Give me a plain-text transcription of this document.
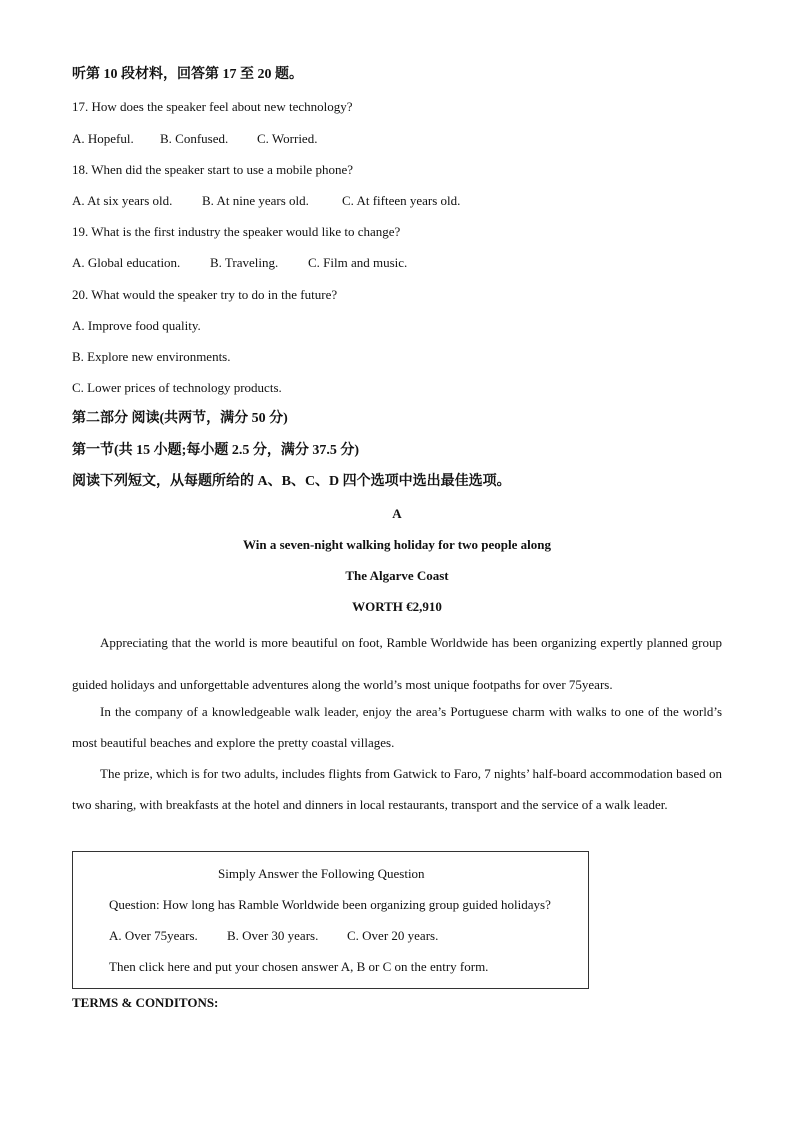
听第 10 段材料，回答第 17 至 20 题。
17. How does the speaker feel about new technology?
A. Hopeful. B. Confused. C. Worried.
18. When did the speaker start to use a mobile phone?
A. At six years old. B. At nine years old.	C. At fifteen years old.
19. What is the first industry the speaker would like to change?
A. Global education. B. Traveling. C. Film and music.
20. What would the speaker try to do in the future?
A. Improve food quality.
B. Explore new environments.
C. Lower prices of technology products.
第二部分 阅读(共两节，满分 50 分)
第一节(共 15 小题;每小题 2.5 分，满分 37.5 分)
阅读下列短文，从每题所给的 A、B、C、D 四个选项中选出最佳选项。
A
Win a seven-night walking holiday for two people along
The Algarve Coast
WORTH €2,910
Appreciating that the world is more beautiful on foot, Ramble Worldwide has been organizing expertly planned group guided holidays and unforgettable adventures along the world’s most unique footpaths for over 75years.
In the company of a knowledgeable walk leader, enjoy the area’s Portuguese charm with walks to one of the world’s most beautiful beaches and explore the pretty coastal villages.
The prize, which is for two adults, includes flights from Gatwick to Faro, 7 nights’ half-board accommodation based on two sharing, with breakfasts at the hotel and dinners in local restaurants, transport and the service of a walk leader.
Simply Answer the Following Question
Question: How long has Ramble Worldwide been organizing group guided holidays?
A. Over 75years. B. Over 30 years. C. Over 20 years.
Then click here and put your chosen answer A, B or C on the entry form.
TERMS & CONDITONS:
